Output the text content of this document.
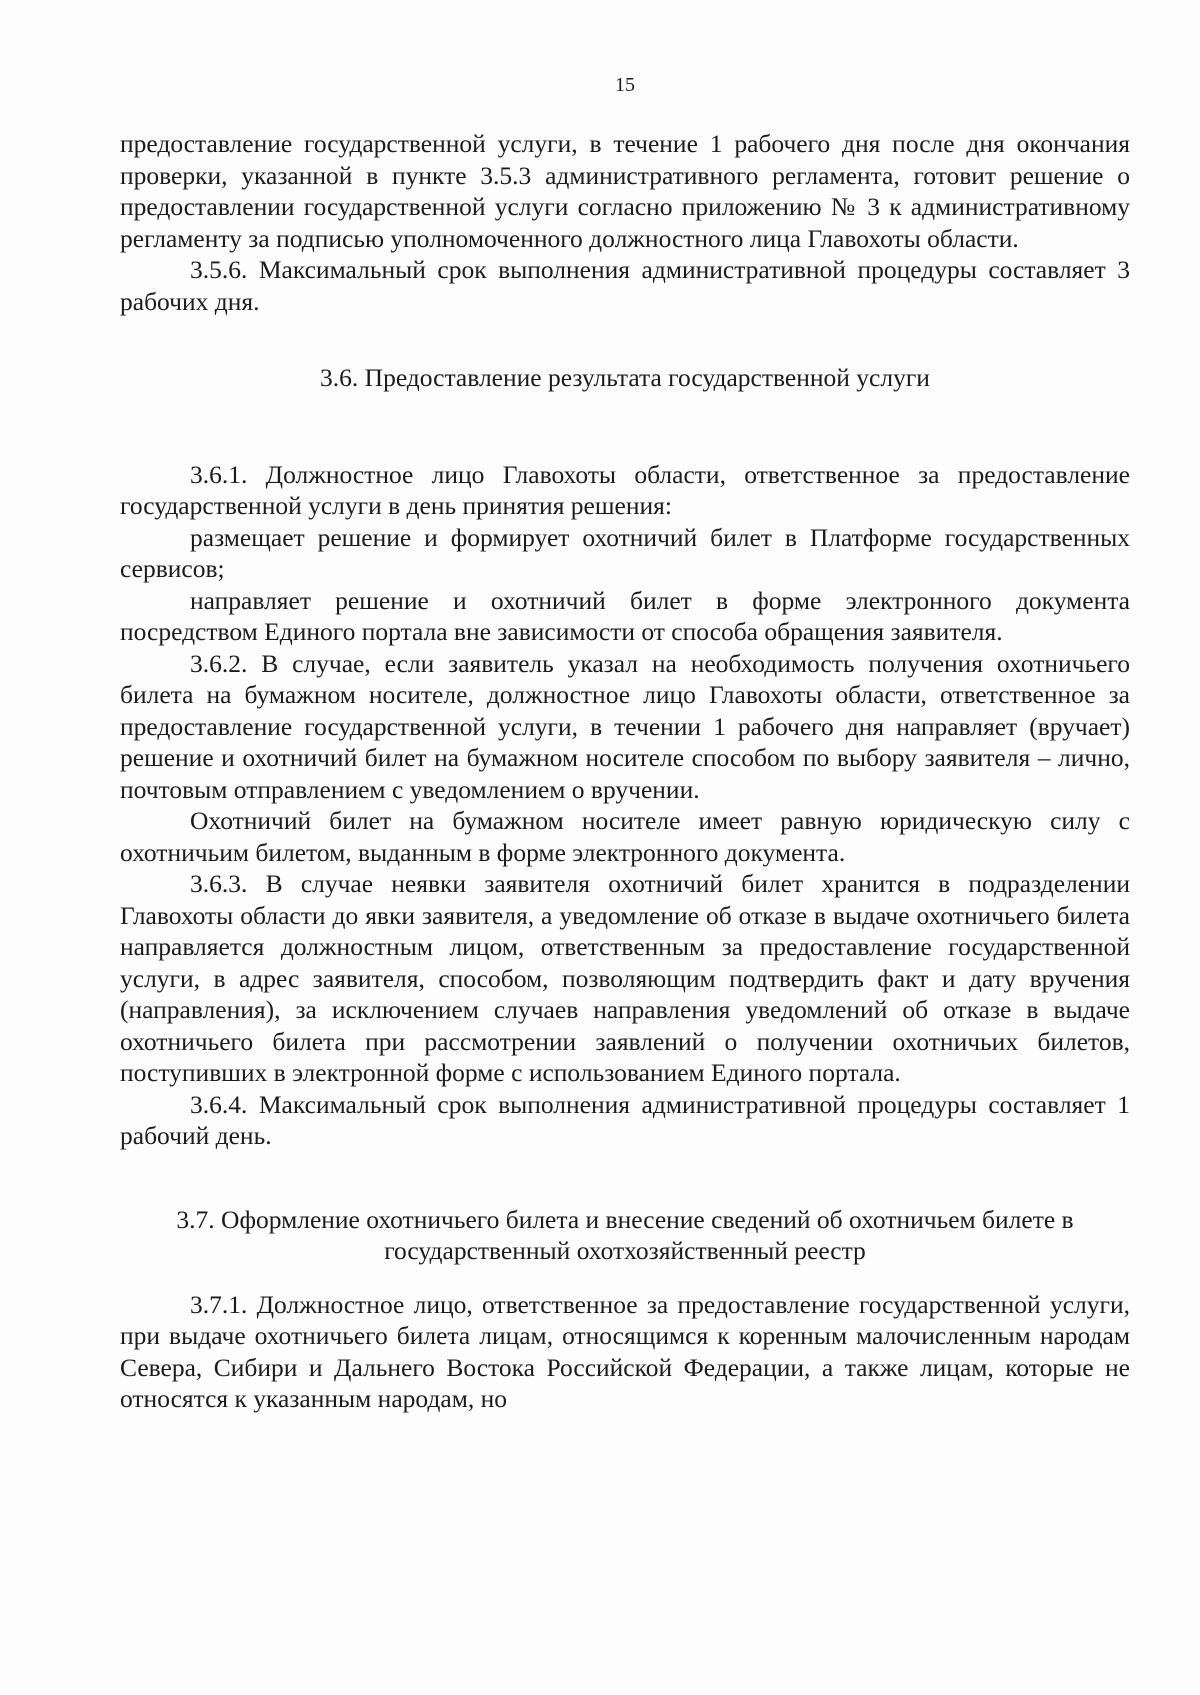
15

предоставление государственной услуги, в течение 1 рабочего дня после дня окончания проверки, указанной в пункте 3.5.3 административного регламента, готовит решение о предоставлении государственной услуги согласно приложению № 3 к административному регламенту за подписью уполномоченного должностного лица Главохоты области.

3.5.6. Максимальный срок выполнения административной процедуры составляет 3 рабочих дня.

3.6. Предоставление результата государственной услуги

3.6.1. Должностное лицо Главохоты области, ответственное за предоставление государственной услуги в день принятия решения:

размещает решение и формирует охотничий билет в Платформе государственных сервисов;

направляет решение и охотничий билет в форме электронного документа посредством Единого портала вне зависимости от способа обращения заявителя.

3.6.2. В случае, если заявитель указал на необходимость получения охотничьего билета на бумажном носителе, должностное лицо Главохоты области, ответственное за предоставление государственной услуги, в течении 1 рабочего дня направляет (вручает) решение и охотничий билет на бумажном носителе способом по выбору заявителя – лично, почтовым отправлением с уведомлением о вручении.

Охотничий билет на бумажном носителе имеет равную юридическую силу с охотничьим билетом, выданным в форме электронного документа.

3.6.3. В случае неявки заявителя охотничий билет хранится в подразделении Главохоты области до явки заявителя, а уведомление об отказе в выдаче охотничьего билета направляется должностным лицом, ответственным за предоставление государственной услуги, в адрес заявителя, способом, позволяющим подтвердить факт и дату вручения (направления), за исключением случаев направления уведомлений об отказе в выдаче охотничьего билета при рассмотрении заявлений о получении охотничьих билетов, поступивших в электронной форме с использованием Единого портала.

3.6.4. Максимальный срок выполнения административной процедуры составляет 1 рабочий день.

3.7. Оформление охотничьего билета и внесение сведений об охотничьем билете в государственный охотхозяйственный реестр

3.7.1. Должностное лицо, ответственное за предоставление государственной услуги, при выдаче охотничьего билета лицам, относящимся к коренным малочисленным народам Севера, Сибири и Дальнего Востока Российской Федерации, а также лицам, которые не относятся к указанным народам, но
